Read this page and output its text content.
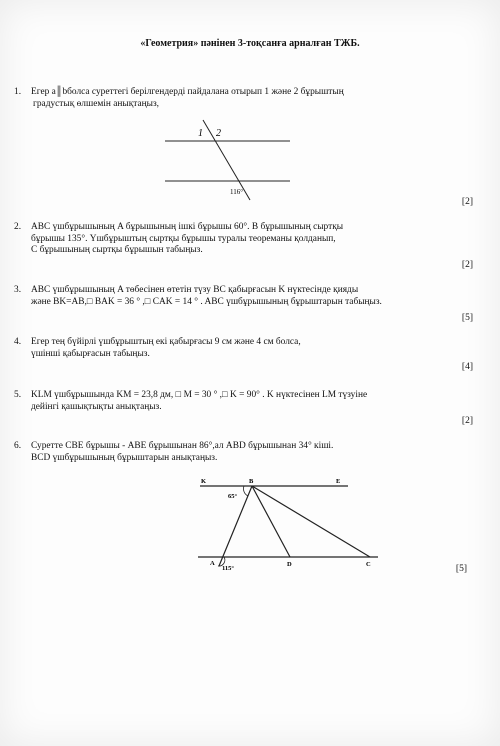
«Геометрия» пәнінен 3-тоқсанға арналған ТЖБ.
1.	Егер a║bболса суреттегі берілгендерді пайдалана отырып 1 және 2 бұрыштың
градустық өлшемін анықтаңыз,
1 2
116°
[2]
2.	ABC үшбұрышының A бұрышының ішкі бұрышы 60°. B бұрышының сыртқы
бұрышы 135°. Үшбұрыштың сыртқы бұрышы туралы теореманы қолданып,
C бұрышының сыртқы бұрышын табыңыз.
[2]
3.	ABC үшбұрышының A төбесінен өтетін түзу BC қабырғасын K нүктесінде қияды
және BK=AB,□ BAK = 36 ° ,□ CAK = 14 ° . ABC үшбұрышының бұрыштарын табыңыз.
[5]
4.	Егер тең бүйірлі үшбұрыштың екі қабырғасы 9 см және 4 см болса,
үшінші қабырғасын табыңыз.
[4]
5.	KLM үшбұрышында KM = 23,8 дм, □ M = 30 ° ,□ K = 90° . K нүктесінен LM түзуіне
дейінгі қашықтықты анықтаңыз.
[2]
6.	Суретте CBE бұрышы - ABE бұрышынан 86°,ал ABD бұрышынан 34° кіші.
BCD үшбұрышының бұрыштарын анықтаңыз.
K	B	E
65°
A
115°
D	C	[5]
